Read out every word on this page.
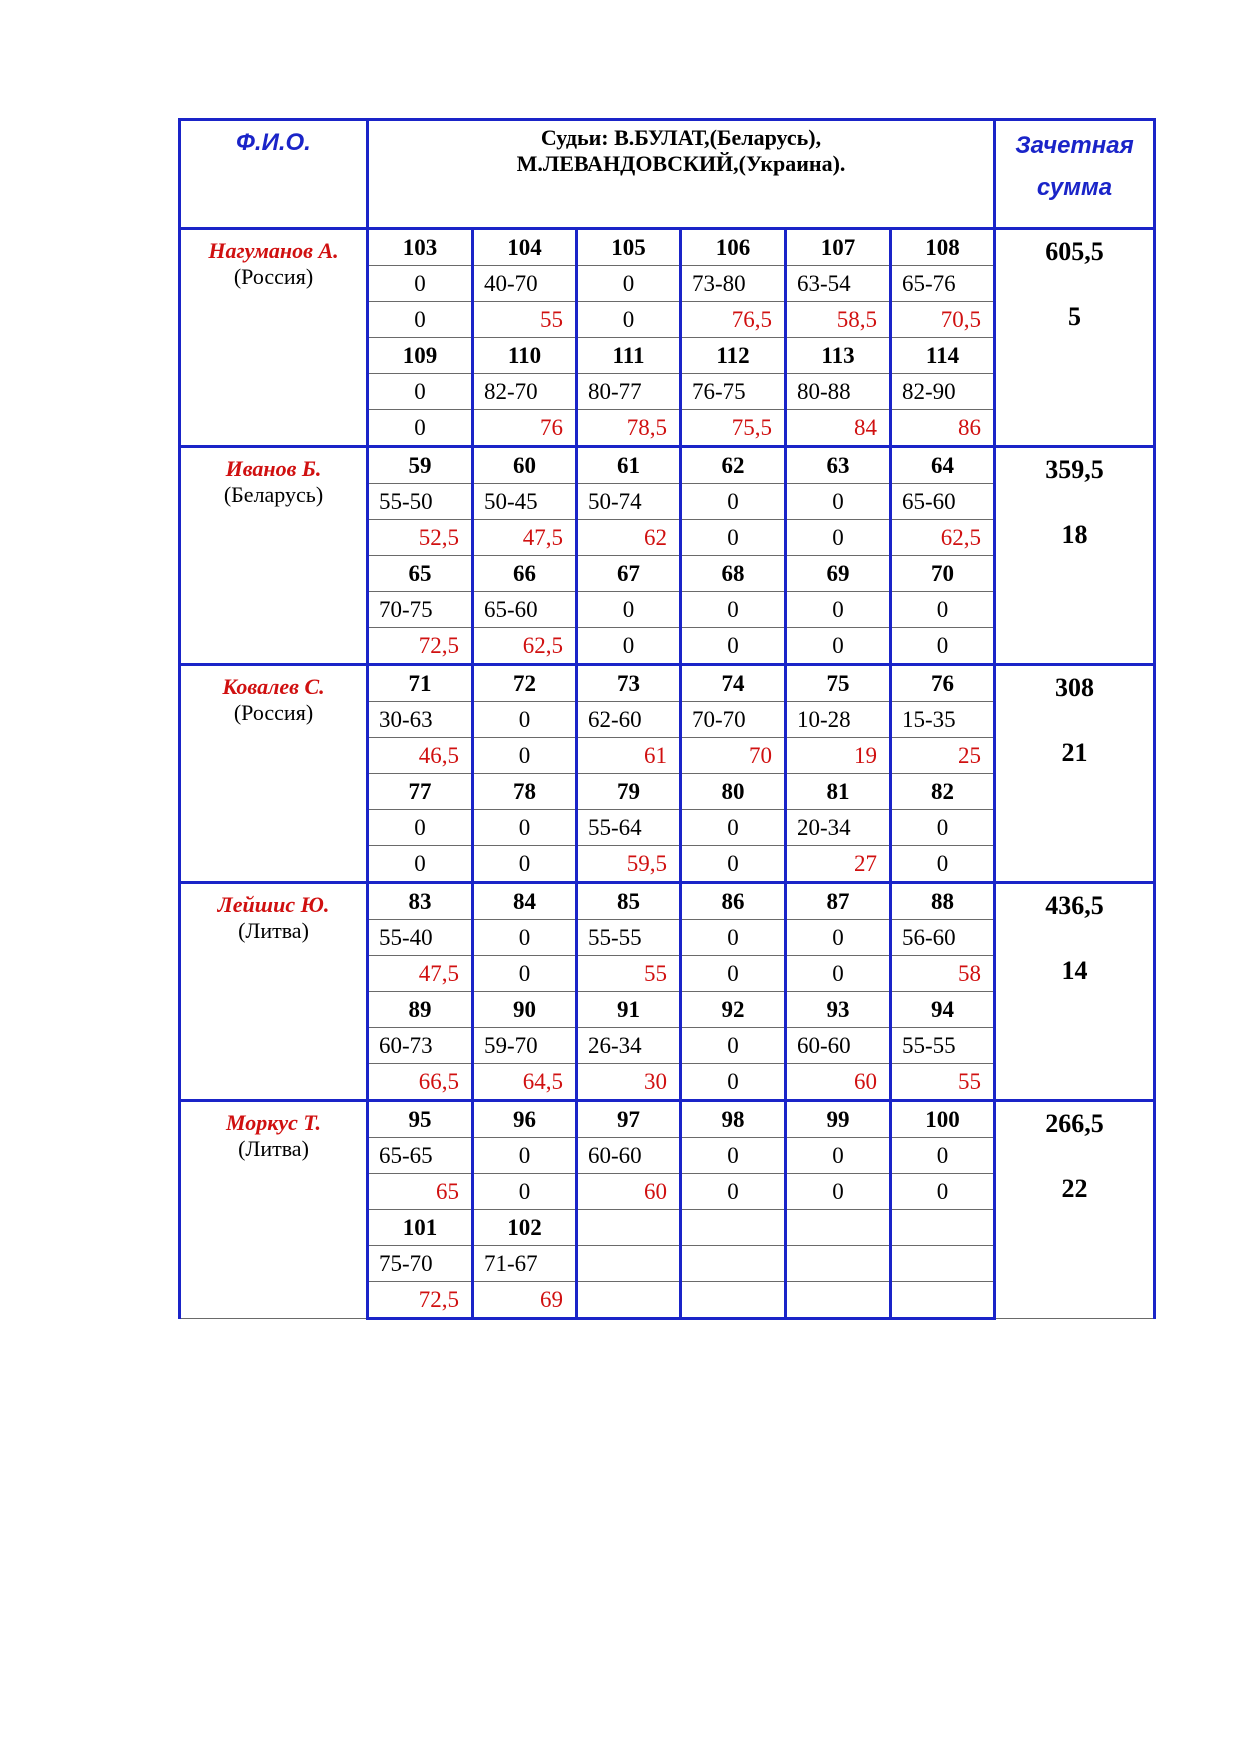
Ф.И.О.	Судьи: В.БУЛАТ,(Беларусь),
М.ЛЕВАНДОВСКИЙ,(Украина).						Зачетная
сумма

Нагуманов А.
(Россия)	103	104	105	106	107	108	605,5
5

	0	40-70	0	73-80	63-54	65-76	
	0	55	0	76,5	58,5	70,5	
	109	110	111	112	113	114	
	0	82-70	80-77	76-75	80-88	82-90	
	0	76	78,5	75,5	84	86	

Иванов Б.
(Беларусь)	59	60	61	62	63	64	359,5
18

	55-50	50-45	50-74	0	0	65-60	
	52,5	47,5	62	0	0	62,5	
	65	66	67	68	69	70	
	70-75	65-60	0	0	0	0	
	72,5	62,5	0	0	0	0	

Ковалев С.
(Россия)	71	72	73	74	75	76	308
21

	30-63	0	62-60	70-70	10-28	15-35	
	46,5	0	61	70	19	25	
	77	78	79	80	81	82	
	0	0	55-64	0	20-34	0	
	0	0	59,5	0	27	0	

Лейшис Ю.
(Литва)	83	84	85	86	87	88	436,5
14

	55-40	0	55-55	0	0	56-60	
	47,5	0	55	0	0	58	
	89	90	91	92	93	94	
	60-73	59-70	26-34	0	60-60	55-55	
	66,5	64,5	30	0	60	55	

Моркус Т.
(Литва)	95	96	97	98	99	100	266,5
22

	65-65	0	60-60	0	0	0	
	65	0	60	0	0	0	
	101	102					
	75-70	71-67					
	72,5	69					
